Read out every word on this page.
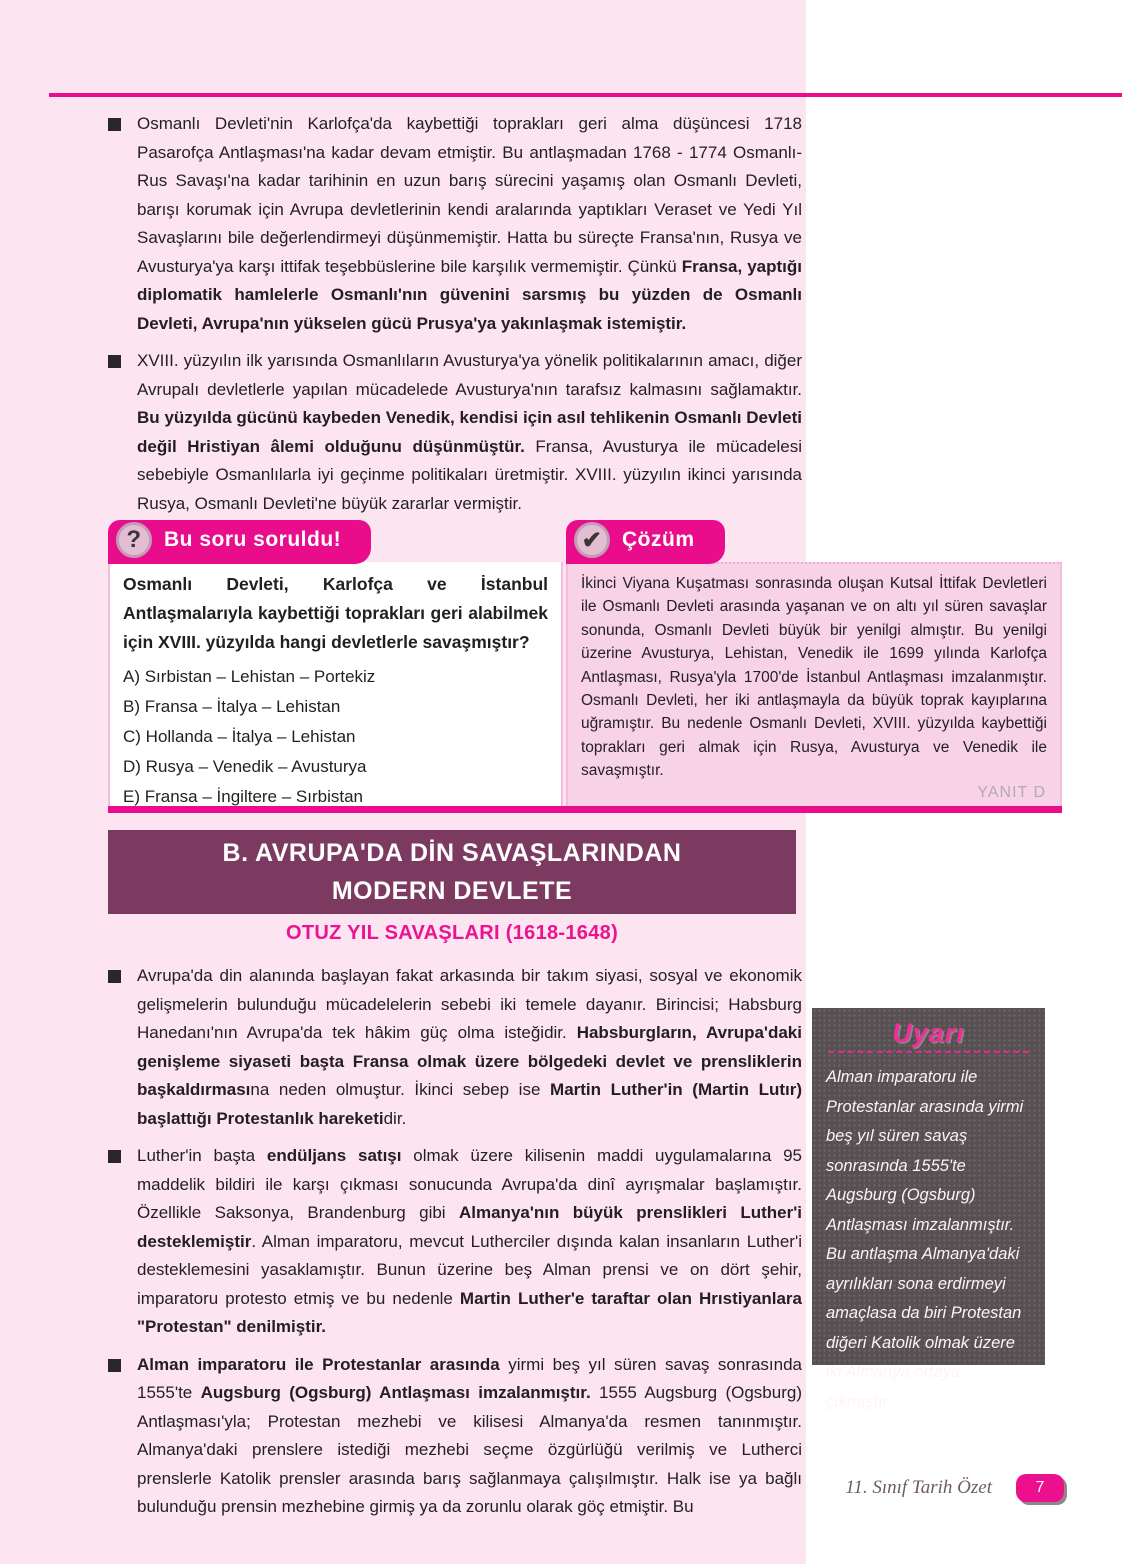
Osmanlı Devleti'nin Karlofça'da kaybettiği toprakları geri alma düşüncesi 1718 Pasarofça Antlaşması'na kadar devam etmiştir. Bu antlaşmadan 1768 - 1774 Osmanlı-Rus Savaşı'na kadar tarihinin en uzun barış sürecini yaşamış olan Osmanlı Devleti, barışı korumak için Avrupa devletlerinin kendi aralarında yaptıkları Veraset ve Yedi Yıl Savaşlarını bile değerlendirmeyi düşünmemiştir. Hatta bu süreçte Fransa'nın, Rusya ve Avusturya'ya karşı ittifak teşebbüslerine bile karşılık vermemiştir. Çünkü Fransa, yaptığı diplomatik hamlelerle Osmanlı'nın güvenini sarsmış bu yüzden de Osmanlı Devleti, Avrupa'nın yükselen gücü Prusya'ya yakınlaşmak istemiştir.

XVIII. yüzyılın ilk yarısında Osmanlıların Avusturya'ya yönelik politikalarının amacı, diğer Avrupalı devletlerle yapılan mücadelede Avusturya'nın tarafsız kalmasını sağlamaktır. Bu yüzyılda gücünü kaybeden Venedik, kendisi için asıl tehlikenin Osmanlı Devleti değil Hristiyan âlemi olduğunu düşünmüştür. Fransa, Avusturya ile mücadelesi sebebiyle Osmanlılarla iyi geçinme politikaları üretmiştir. XVIII. yüzyılın ikinci yarısında Rusya, Osmanlı Devleti'ne büyük zararlar vermiştir.

?	Bu soru soruldu!

Osmanlı Devleti, Karlofça ve İstanbul Antlaşmalarıyla kaybettiği toprakları geri alabilmek için XVIII. yüzyılda hangi devletlerle savaşmıştır?

A) Sırbistan – Lehistan – Portekiz
B) Fransa – İtalya – Lehistan
C) Hollanda – İtalya – Lehistan
D) Rusya – Venedik – Avusturya
E) Fransa – İngiltere – Sırbistan
✔ Çözüm

İkinci Viyana Kuşatması sonrasında oluşan Kutsal İttifak Devletleri ile Osmanlı Devleti arasında yaşanan ve on altı yıl süren savaşlar sonunda, Osmanlı Devleti büyük bir yenilgi almıştır. Bu yenilgi üzerine Avusturya, Lehistan, Venedik ile 1699 yılında Karlofça Antlaşması, Rusya'yla 1700'de İstanbul Antlaşması imzalanmıştır. Osmanlı Devleti, her iki antlaşmayla da büyük toprak kayıplarına uğramıştır. Bu nedenle Osmanlı Devleti, XVIII. yüzyılda kaybettiği toprakları geri almak için Rusya, Avusturya ve Venedik ile savaşmıştır.

YANIT D
B. AVRUPA'DA DİN SAVAŞLARINDAN
MODERN DEVLETE
OTUZ YIL SAVAŞLARI (1618-1648)

Avrupa'da din alanında başlayan fakat arkasında bir takım siyasi, sosyal ve ekonomik gelişmelerin bulunduğu mücadelelerin sebebi iki temele dayanır. Birincisi; Habsburg Hanedanı'nın Avrupa'da tek hâkim güç olma isteğidir. Habsburgların, Avrupa'daki genişleme siyaseti başta Fransa olmak üzere bölgedeki devlet ve prensliklerin başkaldırmasına neden olmuştur. İkinci sebep ise Martin Luther'in (Martin Lutır) başlattığı Protestanlık hareketidir.

Luther'in başta endüljans satışı olmak üzere kilisenin maddi uygulamalarına 95 maddelik bildiri ile karşı çıkması sonucunda Avrupa'da dinî ayrışmalar başlamıştır. Özellikle Saksonya, Brandenburg gibi Almanya'nın büyük prenslikleri Luther'i desteklemiştir. Alman imparatoru, mevcut Lutherciler dışında kalan insanların Luther'i desteklemesini yasaklamıştır. Bunun üzerine beş Alman prensi ve on dört şehir, imparatoru protesto etmiş ve bu nedenle Martin Luther'e taraftar olan Hrıstiyanlara "Protestan" denilmiştir.

Alman imparatoru ile Protestanlar arasında yirmi beş yıl süren savaş sonrasında 1555'te Augsburg (Ogsburg) Antlaşması imzalanmıştır. 1555 Augsburg (Ogsburg) Antlaşması'yla; Protestan mezhebi ve kilisesi Almanya'da resmen tanınmıştır. Almanya'daki prenslere istediği mezhebi seçme özgürlüğü verilmiş ve Lutherci prenslerle Katolik prensler arasında barış sağlanmaya çalışılmıştır. Halk ise ya bağlı bulunduğu prensin mezhebine girmiş ya da zorunlu olarak göç etmiştir. Bu

Uyarı

Alman imparatoru ile Protestanlar arasında yirmi beş yıl süren savaş sonrasında 1555'te Augsburg (Ogsburg) Antlaşması imzalanmıştır. Bu antlaşma Almanya'daki ayrılıkları sona erdirmeyi amaçlasa da biri Protestan diğeri Katolik olmak üzere iki Almanya ortaya çıkmıştır.

11. Sınıf Tarih Özet	7
